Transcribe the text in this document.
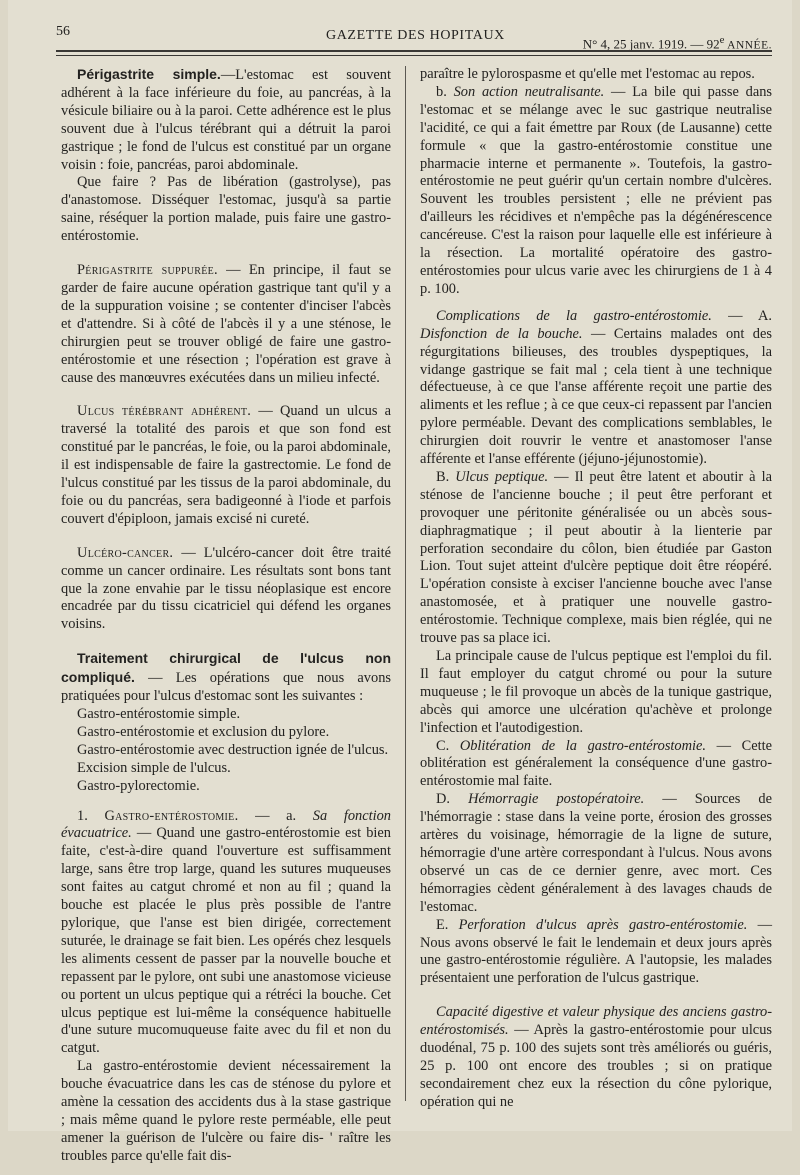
56	GAZETTE DES HOPITAUX
N° 4, 25 janv. 1919. — 92e ANNÉE.

Périgastrite simple.—L'estomac est souvent adhérent à la face inférieure du foie, au pancréas, à la vésicule biliaire ou à la paroi. Cette adhérence est le plus souvent due à l'ulcus térébrant qui a détruit la paroi gastrique ; le fond de l'ulcus est constitué par un organe voisin : foie, pancréas, paroi abdominale.

Que faire ? Pas de libération (gastrolyse), pas d'anastomose. Disséquer l'estomac, jusqu'à sa partie saine, réséquer la portion malade, puis faire une gastro-entérostomie.

Périgastrite suppurée. — En principe, il faut se garder de faire aucune opération gastrique tant qu'il y a de la suppuration voisine ; se contenter d'inciser l'abcès et d'attendre. Si à côté de l'abcès il y a une sténose, le chirurgien peut se trouver obligé de faire une gastro-entérostomie et une résection ; l'opération est grave à cause des manœuvres exécutées dans un milieu infecté.

Ulcus térébrant adhérent. — Quand un ulcus a traversé la totalité des parois et que son fond est constitué par le pancréas, le foie, ou la paroi abdominale, il est indispensable de faire la gastrectomie. Le fond de l'ulcus constitué par les tissus de la paroi abdominale, du foie ou du pancréas, sera badigeonné à l'iode et parfois couvert d'épiploon, jamais excisé ni cureté.

Ulcéro-cancer. — L'ulcéro-cancer doit être traité comme un cancer ordinaire. Les résultats sont bons tant que la zone envahie par le tissu néoplasique est encore encadrée par du tissu cicatriciel qui défend les organes voisins.

Traitement chirurgical de l'ulcus non compliqué. — Les opérations que nous avons pratiquées pour l'ulcus d'estomac sont les suivantes :

Gastro-entérostomie simple.
Gastro-entérostomie et exclusion du pylore.
Gastro-entérostomie avec destruction ignée de l'ulcus.
Excision simple de l'ulcus.
Gastro-pylorectomie.

1. Gastro-entérostomie. — a. Sa fonction évacuatrice. — Quand une gastro-entérostomie est bien faite, c'est-à-dire quand l'ouverture est suffisamment large, sans être trop large, quand les sutures muqueuses sont faites au catgut chromé et non au fil ; quand la bouche est placée le plus près possible de l'antre pylorique, que l'anse est bien dirigée, correctement suturée, le drainage se fait bien. Les opérés chez lesquels les aliments cessent de passer par la nouvelle bouche et repassent par le pylore, ont subi une anastomose vicieuse ou portent un ulcus peptique qui a rétréci la bouche. Cet ulcus peptique est lui-même la conséquence habituelle d'une suture mucomuqueuse faite avec du fil et non du catgut.

La gastro-entérostomie devient nécessairement la bouche évacuatrice dans les cas de sténose du pylore et amène la cessation des accidents dus à la stase gastrique ; mais même quand le pylore reste perméable, elle peut amener la guérison de l'ulcère ou faire dis- ' raître les troubles parce qu'elle fait dis-

paraître le pylorospasme et qu'elle met l'estomac au repos.

b. Son action neutralisante. — La bile qui passe dans l'estomac et se mélange avec le suc gastrique neutralise l'acidité, ce qui a fait émettre par Roux (de Lausanne) cette formule « que la gastro-entérostomie constitue une pharmacie interne et permanente ». Toutefois, la gastro-entérostomie ne peut guérir qu'un certain nombre d'ulcères. Souvent les troubles persistent ; elle ne prévient pas d'ailleurs les récidives et n'empêche pas la dégénérescence cancéreuse. C'est la raison pour laquelle elle est inférieure à la résection. La mortalité opératoire des gastro-entérostomies pour ulcus varie avec les chirurgiens de 1 à 4 p. 100.

Complications de la gastro-entérostomie. — A. Disfonction de la bouche. — Certains malades ont des régurgitations bilieuses, des troubles dyspeptiques, la vidange gastrique se fait mal ; cela tient à une technique défectueuse, à ce que l'anse afférente reçoit une partie des aliments et les reflue ; à ce que ceux-ci repassent par l'ancien pylore perméable. Devant des complications semblables, le chirurgien doit rouvrir le ventre et anastomoser l'anse afférente et l'anse efférente (jéjuno-jéjunostomie).

B. Ulcus peptique. — Il peut être latent et aboutir à la sténose de l'ancienne bouche ; il peut être perforant et provoquer une péritonite généralisée ou un abcès sous-diaphragmatique ; il peut aboutir à la lienterie par perforation secondaire du côlon, bien étudiée par Gaston Lion. Tout sujet atteint d'ulcère peptique doit être réopéré. L'opération consiste à exciser l'ancienne bouche avec l'anse anastomosée, et à pratiquer une nouvelle gastro-entérostomie. Technique complexe, mais bien réglée, qui ne trouve pas sa place ici.

La principale cause de l'ulcus peptique est l'emploi du fil. Il faut employer du catgut chromé ou pour la suture muqueuse ; le fil provoque un abcès de la tunique gastrique, abcès qui amorce une ulcération qu'achève et prolonge l'infection et l'autodigestion.

C. Oblitération de la gastro-entérostomie. — Cette oblitération est généralement la conséquence d'une gastro-entérostomie mal faite.

D. Hémorragie postopératoire. — Sources de l'hémorragie : stase dans la veine porte, érosion des grosses artères du voisinage, hémorragie de la ligne de suture, hémorragie d'une artère correspondant à l'ulcus. Nous avons observé un cas de ce dernier genre, avec mort. Ces hémorragies cèdent généralement à des lavages chauds de l'estomac.

E. Perforation d'ulcus après gastro-entérostomie. — Nous avons observé le fait le lendemain et deux jours après une gastro-entérostomie régulière. A l'autopsie, les malades présentaient une perforation de l'ulcus gastrique.

Capacité digestive et valeur physique des anciens gastro-entérostomisés. — Après la gastro-entérostomie pour ulcus duodénal, 75 p. 100 des sujets sont très améliorés ou guéris, 25 p. 100 ont encore des troubles ; si on pratique secondairement chez eux la résection du cône pylorique, opération qui ne
